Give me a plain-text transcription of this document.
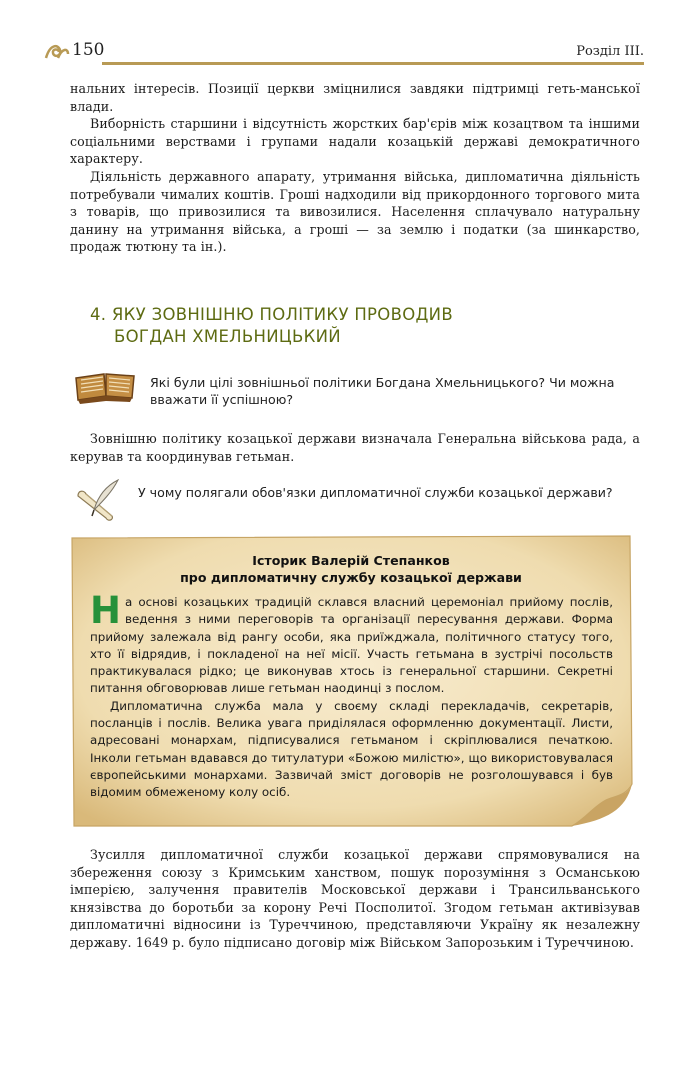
150	Розділ III.

нальних інтересів. Позиції церкви зміцнилися завдяки підтримці геть-манської влади.

Виборність старшини і відсутність жорстких бар'єрів між козацтвом та іншими соціальними верствами і групами надали козацькій державі демократичного характеру.

Діяльність державного апарату, утримання війська, дипломатична діяльність потребували чималих коштів. Гроші надходили від прикордонного торгового мита з товарів, що привозилися та вивозилися. Населення сплачувало натуральну данину на утримання війська, а гроші — за землю і податки (за шинкарство, продаж тютюну та ін.).

4. ЯКУ ЗОВНІШНЮ ПОЛІТИКУ ПРОВОДИВ
БОГДАН ХМЕЛЬНИЦЬКИЙ
Які були цілі зовнішньої політики Богдана Хмельницького? Чи можна вважати її успішною?

Зовнішню політику козацької держави визначала Генеральна військова рада, а керував та координував гетьман.

У чому полягали обов'язки дипломатичної служби козацької держави?
Історик Валерій Степанков
про дипломатичну службу козацької держави

На основі козацьких традицій склався власний церемоніал прийому послів, ведення з ними переговорів та організації пересування держави. Форма прийому залежала від рангу особи, яка приїжджала, політичного статусу того, хто її відрядив, і покладеної на неї місії. Участь гетьмана в зустрічі посольств практикувалася рідко; це виконував хтось із генеральної старшини. Секретні питання обговорював лише гетьман наодинці з послом.

Дипломатична служба мала у своєму складі перекладачів, секретарів, посланців і послів. Велика увага приділялася оформленню документації. Листи, адресовані монархам, підписувалися гетьманом і скріплювалися печаткою. Інколи гетьман вдавався до титулатури «Божою милістю», що використовувалася європейськими монархами. Зазвичай зміст договорів не розголошувався і був відомим обмеженому колу осіб.

Зусилля дипломатичної служби козацької держави спрямовувалися на збереження союзу з Кримським ханством, пошук порозуміння з Османською імперією, залучення правителів Московської держави і Трансильванського князівства до боротьби за корону Речі Посполитої. Згодом гетьман активізував дипломатичні відносини із Туреччиною, представляючи Україну як незалежну державу. 1649 р. було підписано договір між Військом Запорозьким і Туреччиною.
